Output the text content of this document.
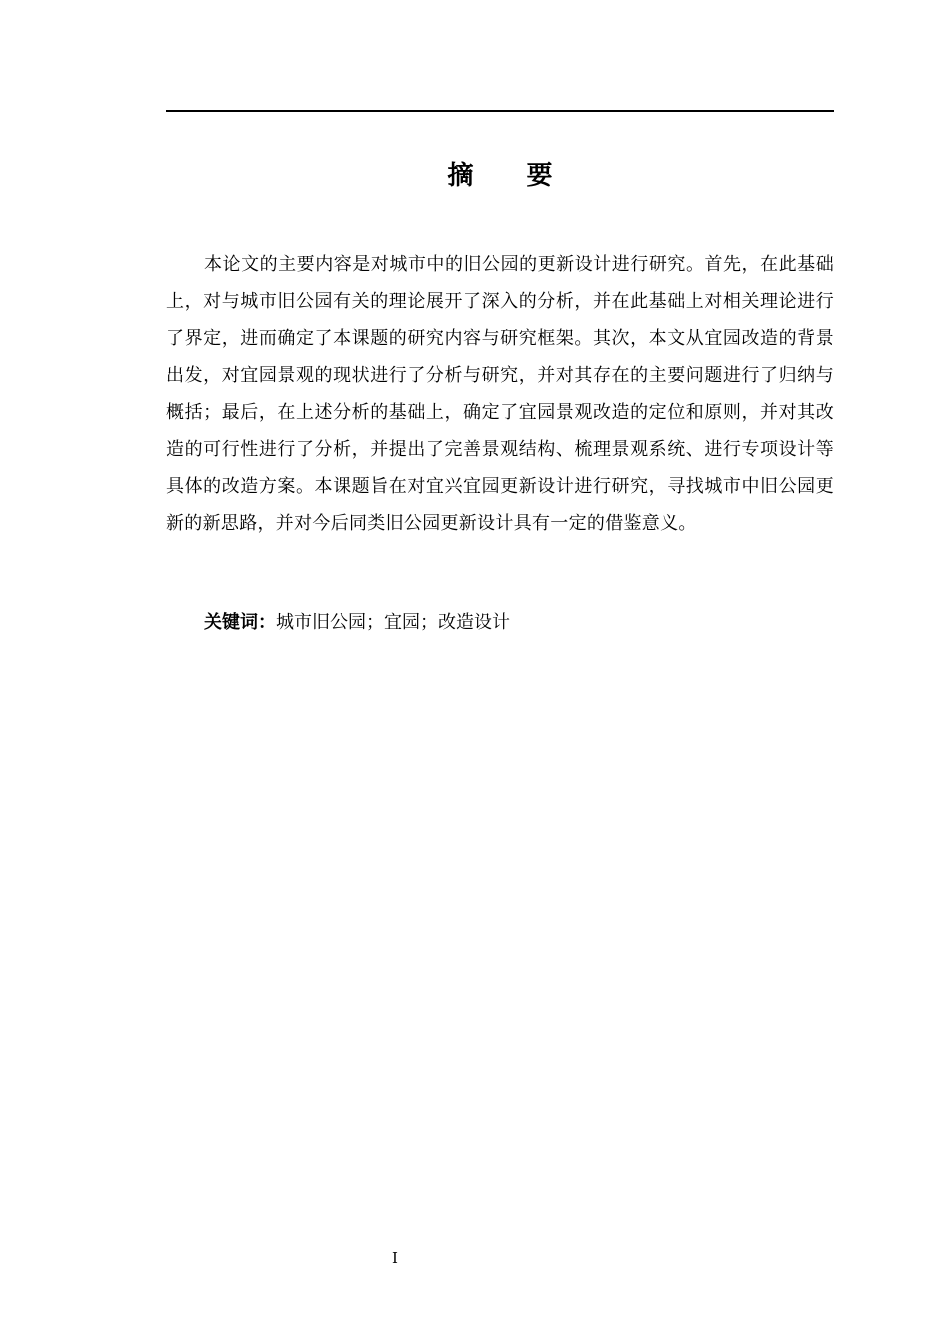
摘 要

本论文的主要内容是对城市中的旧公园的更新设计进行研究。首先，在此基础上，对与城市旧公园有关的理论展开了深入的分析，并在此基础上对相关理论进行了界定，进而确定了本课题的研究内容与研究框架。其次，本文从宜园改造的背景出发，对宜园景观的现状进行了分析与研究，并对其存在的主要问题进行了归纳与概括；最后，在上述分析的基础上，确定了宜园景观改造的定位和原则，并对其改造的可行性进行了分析，并提出了完善景观结构、梳理景观系统、进行专项设计等具体的改造方案。本课题旨在对宜兴宜园更新设计进行研究，寻找城市中旧公园更新的新思路，并对今后同类旧公园更新设计具有一定的借鉴意义。

关键词：城市旧公园；宜园；改造设计
I
